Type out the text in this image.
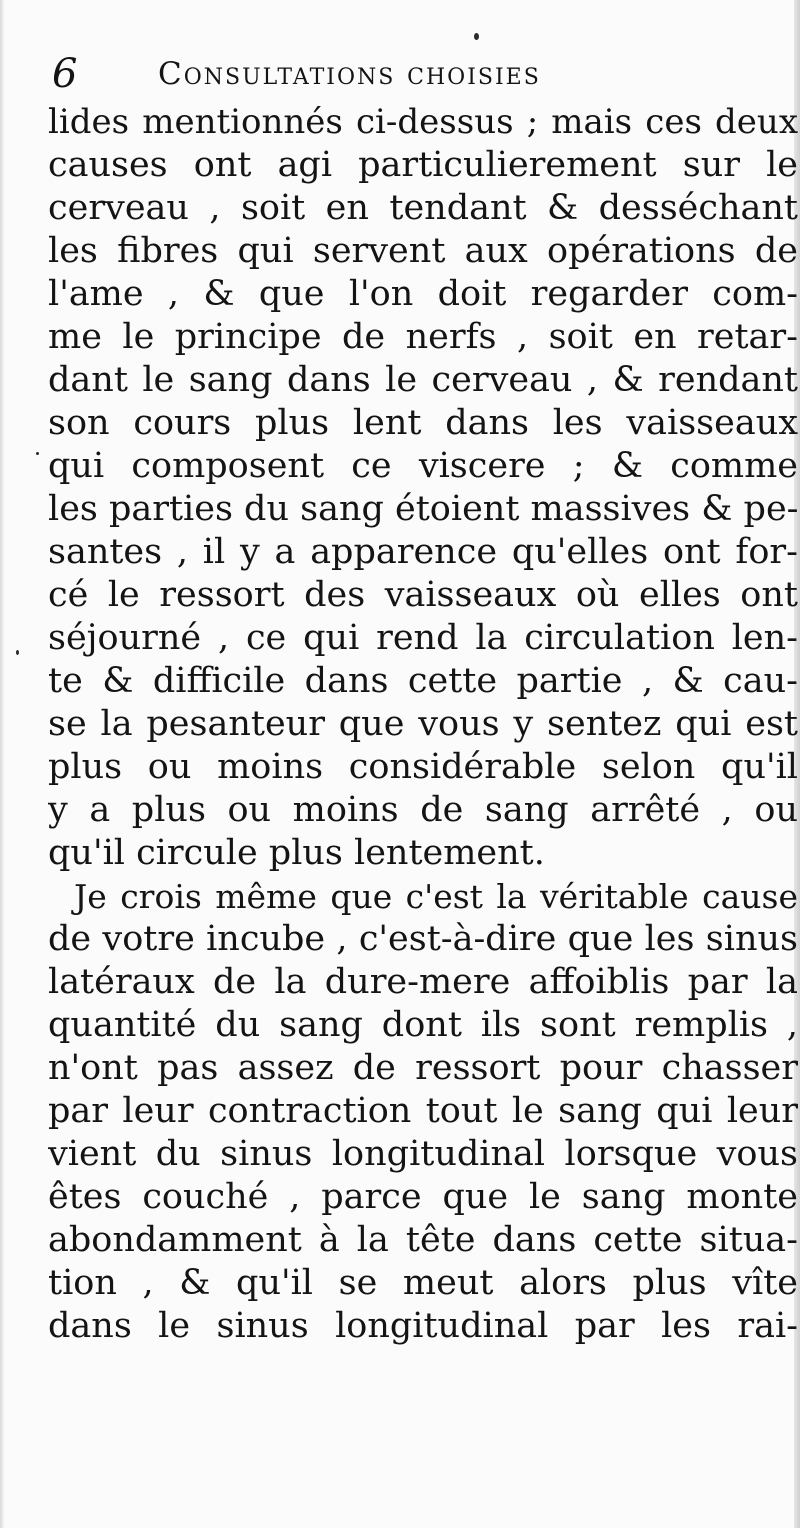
6	Consultations choisies
lides mentionnés ci-dessus ; mais ces deux
causes ont agi particulierement sur le
cerveau , soit en tendant & desséchant
les fibres qui servent aux opérations de
l'ame , & que l'on doit regarder com-
me le principe de nerfs , soit en retar-
dant le sang dans le cerveau , & rendant
son cours plus lent dans les vaisseaux
qui composent ce viscere ; & comme
les parties du sang étoient massives & pe-
santes , il y a apparence qu'elles ont for-
cé le ressort des vaisseaux où elles ont
séjourné , ce qui rend la circulation len-
te & difficile dans cette partie , & cau-
se la pesanteur que vous y sentez qui est
plus ou moins considérable selon qu'il
y a plus ou moins de sang arrêté , ou
qu'il circule plus lentement.
Je crois même que c'est la véritable cause
de votre incube , c'est-à-dire que les sinus
latéraux de la dure-mere affoiblis par la
quantité du sang dont ils sont remplis ,
n'ont pas assez de ressort pour chasser
par leur contraction tout le sang qui leur
vient du sinus longitudinal lorsque vous
êtes couché , parce que le sang monte
abondamment à la tête dans cette situa-
tion , & qu'il se meut alors plus vîte
dans le sinus longitudinal par les rai-
